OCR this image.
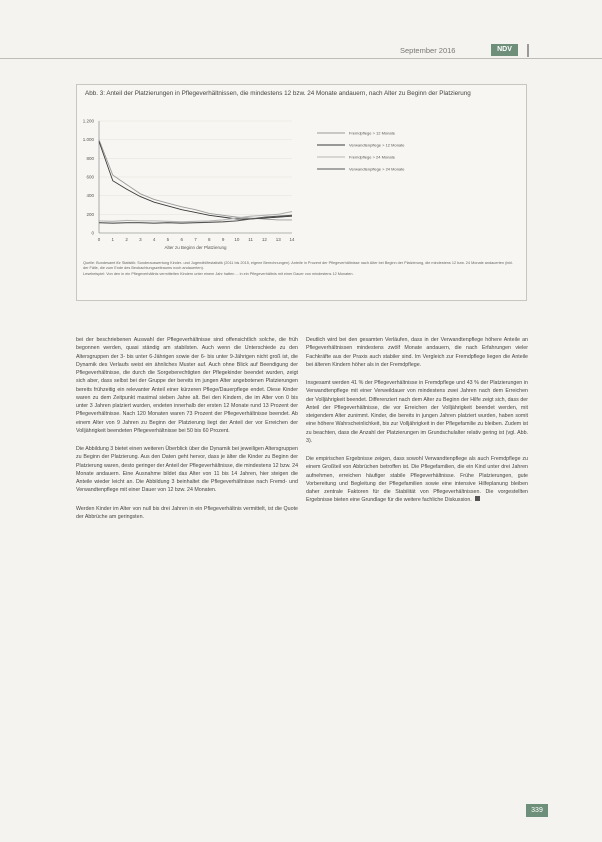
September 2016	NDV
Abb. 3: Anteil der Platzierungen in Pflegeverhältnissen, die mindestens 12 bzw. 24 Monate andauern, nach Alter zu Beginn der Platzierung
0
200
400
600
800
1.000
1.200
0	1	2	3	4	5	6	7	8	9 10 11 12 13 14
Alter zu Beginn der Platzierung
Fremdpflege > 12 Monate
Verwandtenpflege > 12 Monate
Fremdpflege > 24 Monate
Verwandtenpflege > 24 Monate
Quelle: Bundesamt für Statistik: Sonderauswertung Kinder- und Jugendhilfestatistik (2011 bis 2015, eigene Berechnungen). Anteile in Prozent der Pflegeverhältnisse nach Alter bei Beginn der Platzierung, die mindestens 12 bzw. 24 Monate andauerten (inkl. der Fälle, die zum Ende des Beobachtungszeitraums noch andauerten).
Lesebeispiel: Von den in ein Pflegeverhältnis vermittelten Kindern unter einem Jahr hatten ... in ein Pflegeverhältnis mit einer Dauer von mindestens 12 Monaten.

bei der beschriebenen Auswahl der Pflegeverhältnisse sind offensichtlich solche, die früh begonnen werden, quasi ständig am stabilsten. Auch wenn die Unterschiede zu den Altersgruppen der 3- bis unter 6-Jährigen sowie der 6- bis unter 9-Jährigen nicht groß ist, die Dynamik des Verlaufs weist ein ähnliches Muster auf. Auch ohne Blick auf Beendigung der Pflegeverhältnisse, die durch die Sorgeberechtigten der Pflegekinder beendet wurden, zeigt sich aber, dass selbst bei der Gruppe der bereits im jungen Alter angebotenen Platzierungen bereits frühzeitig ein relevanter Anteil einer kürzeren Pflege/Dauerpflege endet. Diese Kinder waren zu dem Zeitpunkt maximal sieben Jahre alt. Bei den Kindern, die im Alter von 0 bis unter 3 Jahren platziert wurden, endeten innerhalb der ersten 12 Monate rund 13 Prozent der Pflegeverhältnisse. Nach 120 Monaten waren 73 Prozent der Pflegeverhältnisse beendet. Ab einem Alter von 9 Jahren zu Beginn der Platzierung liegt der Anteil der vor Erreichen der Volljährigkeit beendeten Pflegeverhältnisse bei 50 bis 60 Prozent.

Die Abbildung 3 bietet einen weiteren Überblick über die Dynamik bei jeweiligen Altersgruppen zu Beginn der Platzierung. Aus den Daten geht hervor, dass je älter die Kinder zu Beginn der Platzierung waren, desto geringer der Anteil der Pflegeverhältnisse, die mindestens 12 bzw. 24 Monate andauern. Eine Ausnahme bildet das Alter von 11 bis 14 Jahren, hier steigen die Anteile wieder leicht an. Die Abbildung 3 beinhaltet die Pflegeverhältnisse nach Fremd- und Verwandtenpflege mit einer Dauer von 12 bzw. 24 Monaten.

Werden Kinder im Alter von null bis drei Jahren in ein Pflegeverhältnis vermittelt, ist die Quote der Abbrüche am geringsten.

Deutlich wird bei den gesamten Verläufen, dass in der Verwandtenpflege höhere Anteile an Pflegeverhältnissen mindestens zwölf Monate andauern, die nach Erfahrungen vieler Fachkräfte aus der Praxis auch stabiler sind. Im Vergleich zur Fremdpflege liegen die Anteile bei älteren Kindern höher als in der Fremdpflege.

Insgesamt werden 41 % der Pflegeverhältnisse in Fremdpflege und 43 % der Platzierungen in Verwandtenpflege mit einer Verweildauer von mindestens zwei Jahren nach dem Erreichen der Volljährigkeit beendet. Differenziert nach dem Alter zu Beginn der Hilfe zeigt sich, dass der Anteil der Pflegeverhältnisse, die vor Erreichen der Volljährigkeit beendet werden, mit steigendem Alter zunimmt. Kinder, die bereits in jungen Jahren platziert wurden, haben somit eine höhere Wahrscheinlichkeit, bis zur Volljährigkeit in der Pflegefamilie zu bleiben. Zudem ist zu beachten, dass die Anzahl der Platzierungen im Grundschulalter relativ gering ist (vgl. Abb. 3).

Die empirischen Ergebnisse zeigen, dass sowohl Verwandtenpflege als auch Fremdpflege zu einem Großteil von Abbrüchen betroffen ist. Die Pflegefamilien, die ein Kind unter drei Jahren aufnehmen, erreichen häufiger stabile Pflegeverhältnisse. Frühe Platzierungen, gute Vorbereitung und Begleitung der Pflegefamilien sowie eine intensive Hilfeplanung bleiben daher zentrale Faktoren für die Stabilität von Pflegeverhältnissen. Die vorgestellten Ergebnisse bieten eine Grundlage für die weitere fachliche Diskussion.

339
